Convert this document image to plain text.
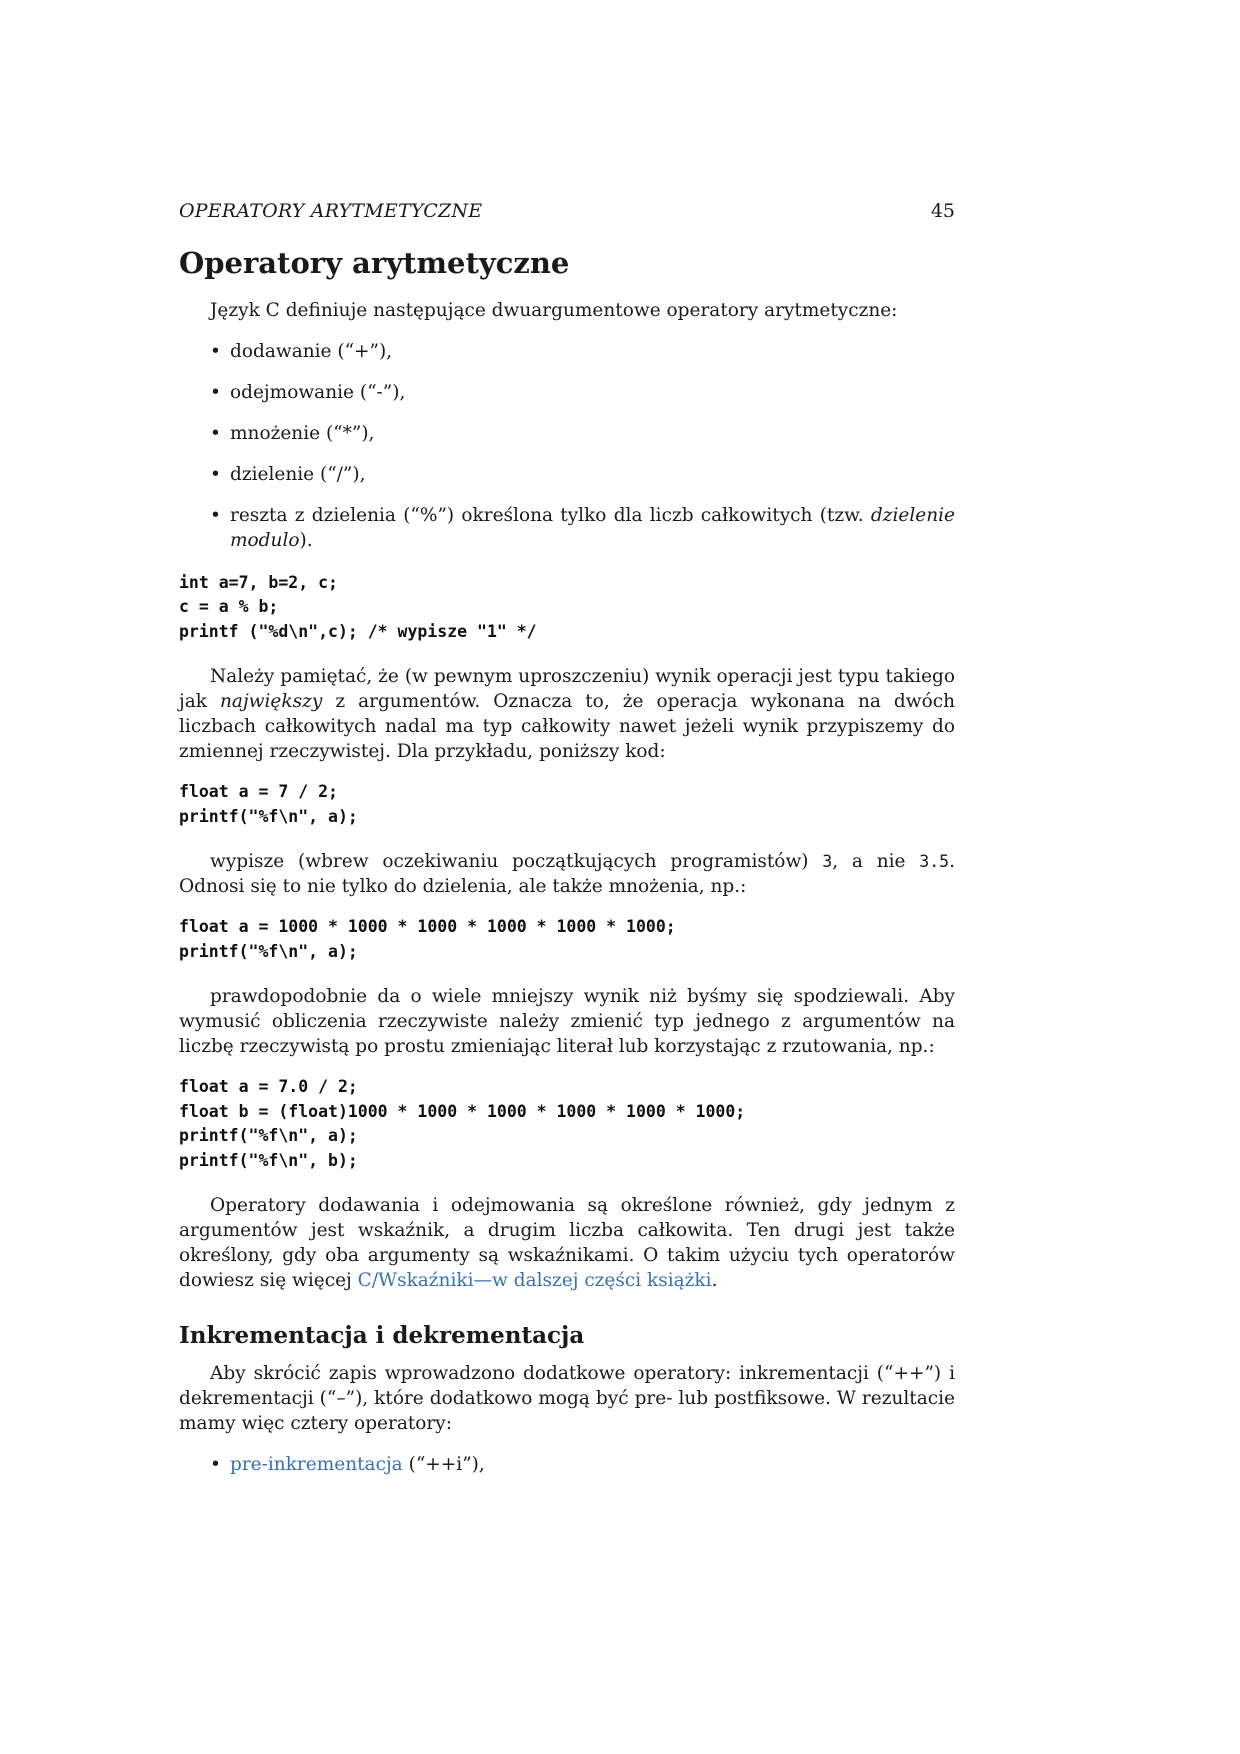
OPERATORY ARYTMETYCZNE	45
Operatory arytmetyczne

Język C definiuje następujące dwuargumentowe operatory arytmetyczne:

• dodawanie (“+”),
• odejmowanie (“-”),
• mnożenie (“*”),
• dzielenie (“/”),
• reszta z dzielenia (“%”) określona tylko dla liczb całkowitych (tzw. dzielenie modulo).
int a=7, b=2, c;
c = a % b;
printf ("%d\n",c); /* wypisze "1" */

Należy pamiętać, że (w pewnym uproszczeniu) wynik operacji jest typu takiego jak największy z argumentów. Oznacza to, że operacja wykonana na dwóch liczbach całkowitych nadal ma typ całkowity nawet jeżeli wynik przypiszemy do zmiennej rzeczywistej. Dla przykładu, poniższy kod:

float a = 7 / 2;
printf("%f\n", a);

wypisze (wbrew oczekiwaniu początkujących programistów) 3, a nie 3.5. Odnosi się to nie tylko do dzielenia, ale także mnożenia, np.:

float a = 1000 * 1000 * 1000 * 1000 * 1000 * 1000;
printf("%f\n", a);

prawdopodobnie da o wiele mniejszy wynik niż byśmy się spodziewali. Aby wymusić obliczenia rzeczywiste należy zmienić typ jednego z argumentów na liczbę rzeczywistą po prostu zmieniając literał lub korzystając z rzutowania, np.:

float a = 7.0 / 2;
float b = (float)1000 * 1000 * 1000 * 1000 * 1000 * 1000;
printf("%f\n", a);
printf("%f\n", b);

Operatory dodawania i odejmowania są określone również, gdy jednym z argumentów jest wskaźnik, a drugim liczba całkowita. Ten drugi jest także określony, gdy oba argumenty są wskaźnikami. O takim użyciu tych operatorów dowiesz się więcej C/Wskaźniki—w dalszej części książki.

Inkrementacja i dekrementacja

Aby skrócić zapis wprowadzono dodatkowe operatory: inkrementacji (“++”) i dekrementacji (“–”), które dodatkowo mogą być pre- lub postfiksowe. W rezultacie mamy więc cztery operatory:

• pre-inkrementacja (“++i”),
